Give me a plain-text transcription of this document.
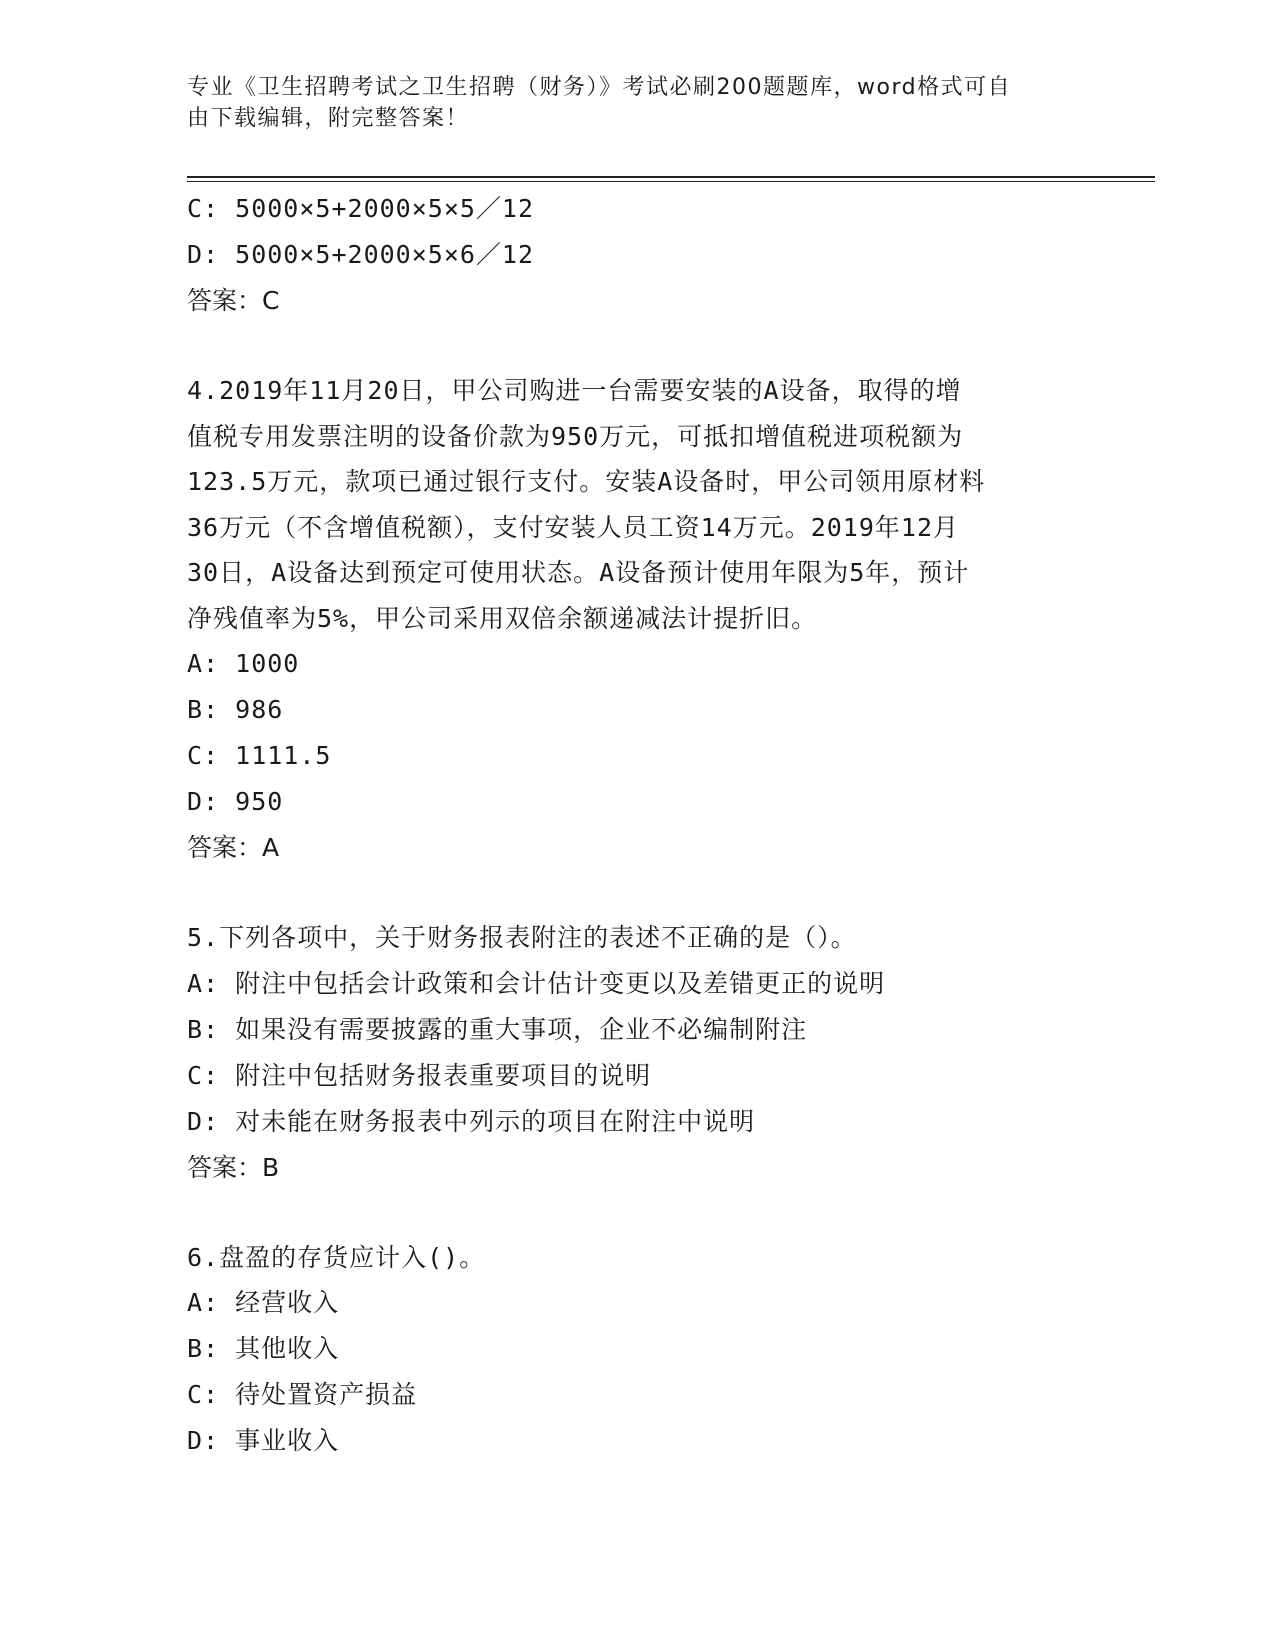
专业《卫生招聘考试之卫生招聘（财务）》考试必刷200题题库，word格式可自
由下载编辑，附完整答案！
C: 5000×5+2000×5×5／12
D: 5000×5+2000×5×6／12
答案：C
4.2019年11月20日，甲公司购进一台需要安装的A设备，取得的增
值税专用发票注明的设备价款为950万元，可抵扣增值税进项税额为
123.5万元，款项已通过银行支付。安装A设备时，甲公司领用原材料
36万元（不含增值税额），支付安装人员工资14万元。2019年12月
30日，A设备达到预定可使用状态。A设备预计使用年限为5年，预计
净残值率为5%，甲公司采用双倍余额递减法计提折旧。
A: 1000
B: 986
C: 1111.5
D: 950
答案：A
5.下列各项中，关于财务报表附注的表述不正确的是（）。
A: 附注中包括会计政策和会计估计变更以及差错更正的说明
B: 如果没有需要披露的重大事项，企业不必编制附注
C: 附注中包括财务报表重要项目的说明
D: 对未能在财务报表中列示的项目在附注中说明
答案：B
6.盘盈的存货应计入()。
A: 经营收入
B: 其他收入
C: 待处置资产损益
D: 事业收入
